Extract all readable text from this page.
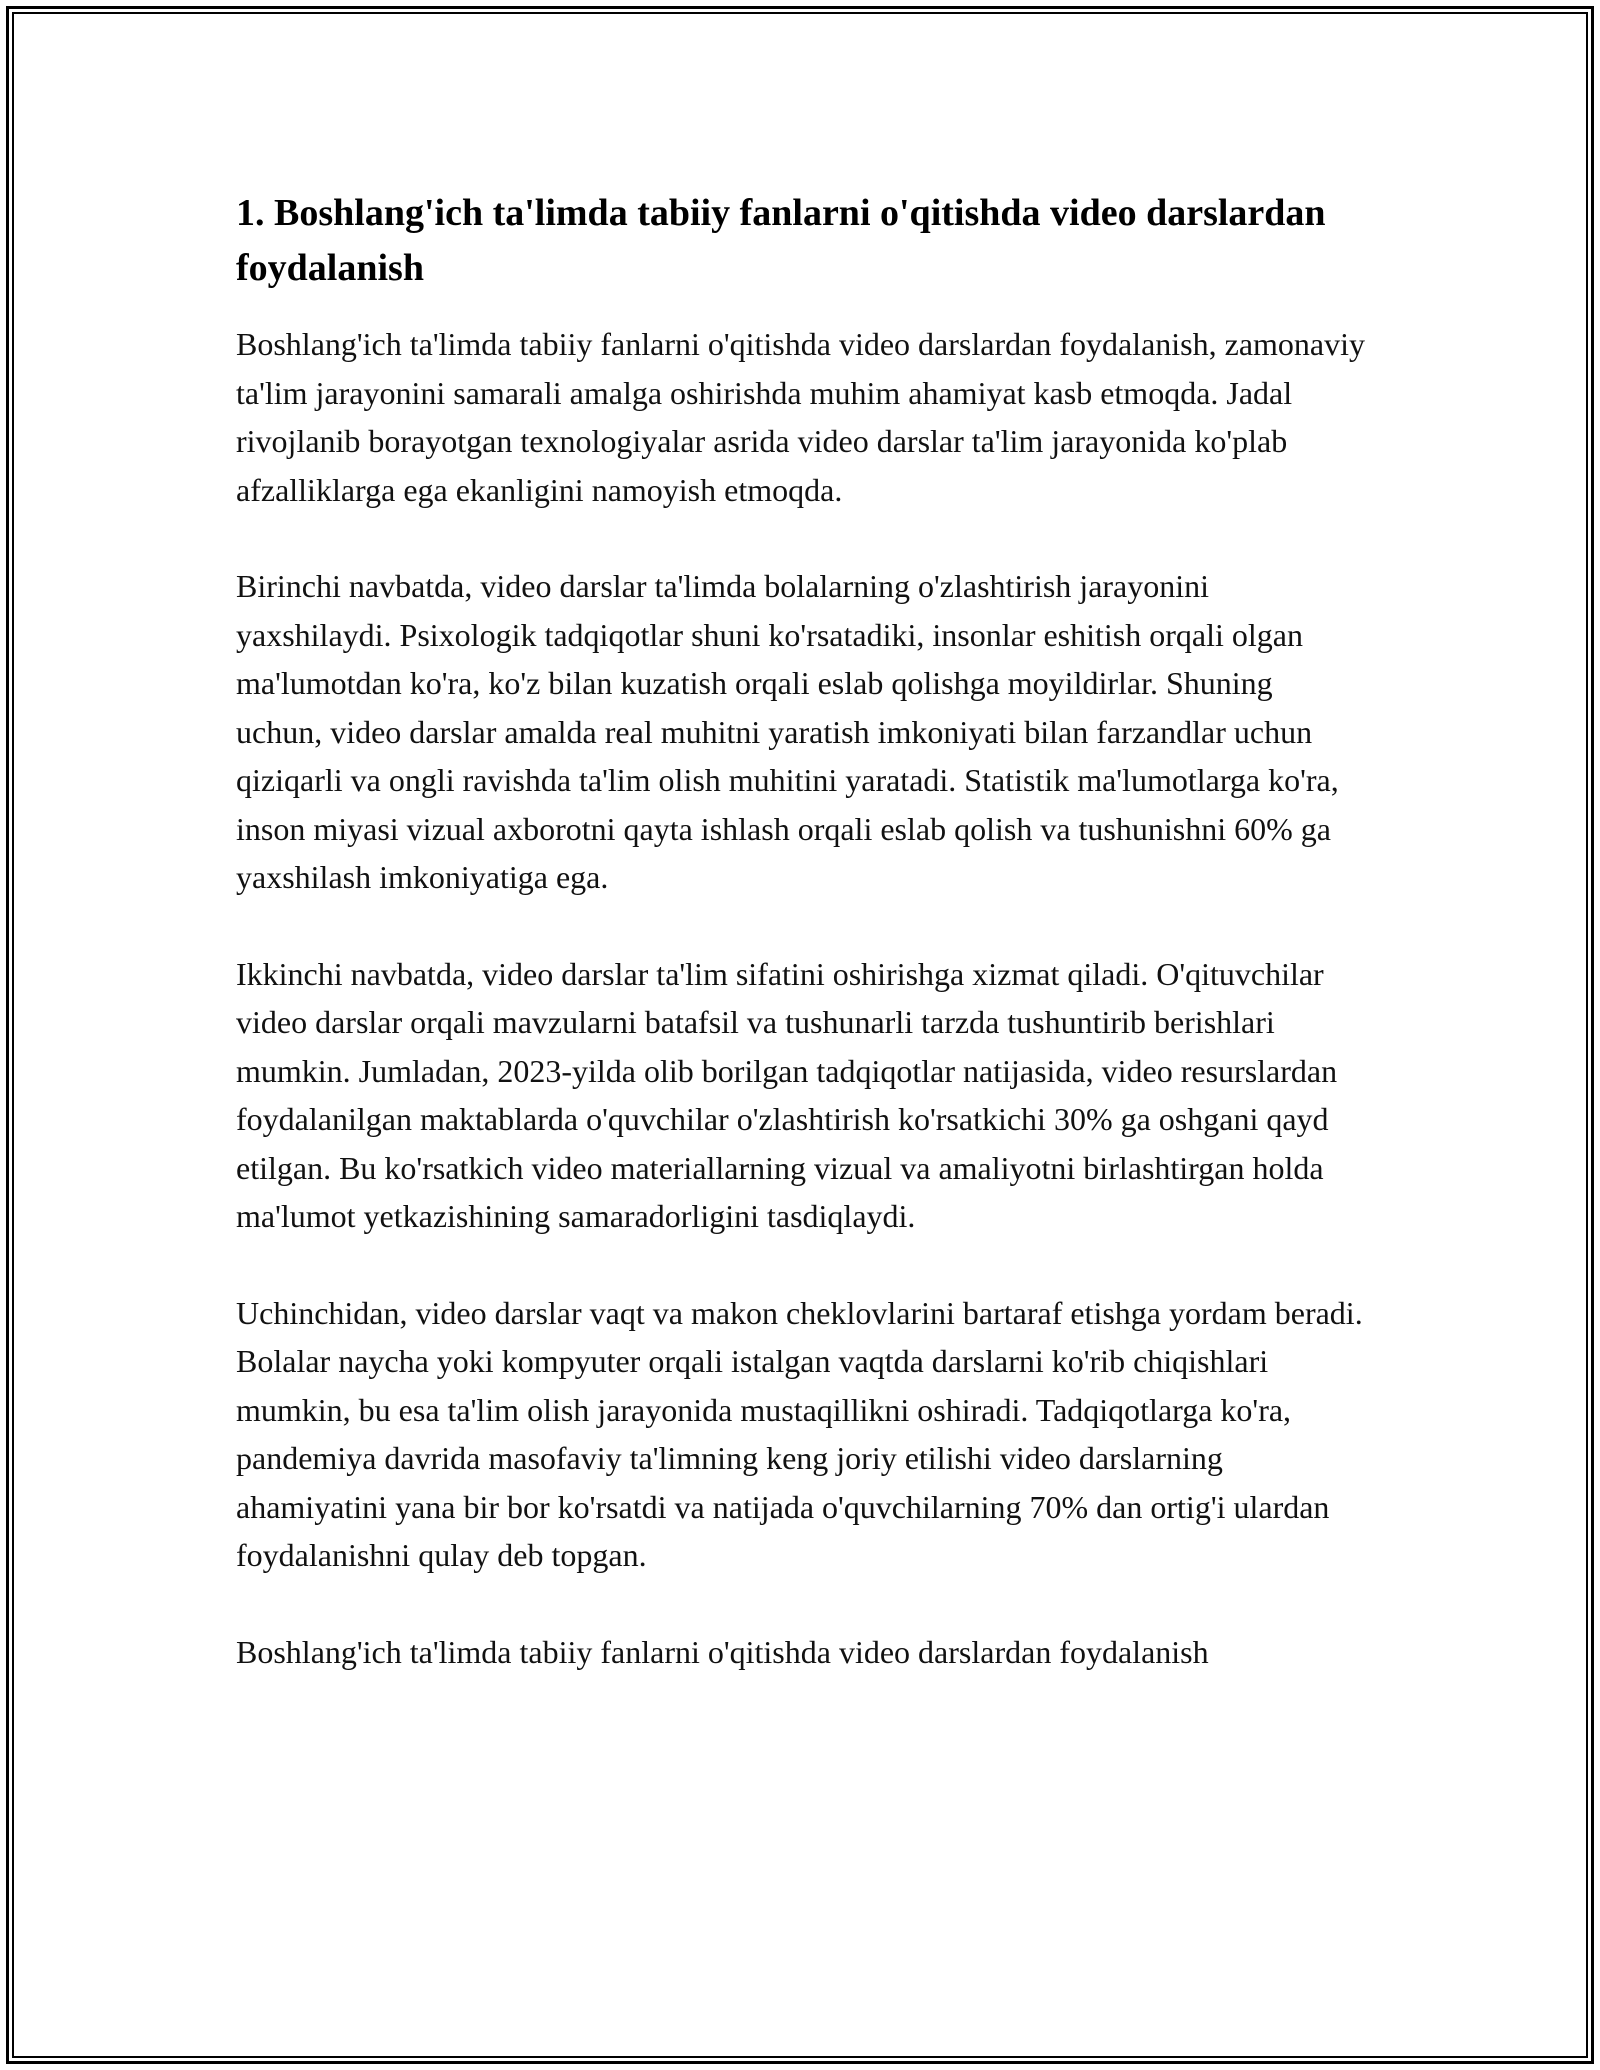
1. Boshlang'ich ta'limda tabiiy fanlarni o'qitishda video darslardan foydalanish

Boshlang'ich ta'limda tabiiy fanlarni o'qitishda video darslardan foydalanish, zamonaviy ta'lim jarayonini samarali amalga oshirishda muhim ahamiyat kasb etmoqda. Jadal rivojlanib borayotgan texnologiyalar asrida video darslar ta'lim jarayonida ko'plab afzalliklarga ega ekanligini namoyish etmoqda.

Birinchi navbatda, video darslar ta'limda bolalarning o'zlashtirish jarayonini yaxshilaydi. Psixologik tadqiqotlar shuni ko'rsatadiki, insonlar eshitish orqali olgan ma'lumotdan ko'ra, ko'z bilan kuzatish orqali eslab qolishga moyildirlar. Shuning uchun, video darslar amalda real muhitni yaratish imkoniyati bilan farzandlar uchun qiziqarli va ongli ravishda ta'lim olish muhitini yaratadi. Statistik ma'lumotlarga ko'ra, inson miyasi vizual axborotni qayta ishlash orqali eslab qolish va tushunishni 60% ga yaxshilash imkoniyatiga ega.

Ikkinchi navbatda, video darslar ta'lim sifatini oshirishga xizmat qiladi. O'qituvchilar video darslar orqali mavzularni batafsil va tushunarli tarzda tushuntirib berishlari mumkin. Jumladan, 2023-yilda olib borilgan tadqiqotlar natijasida, video resurslardan foydalanilgan maktablarda o'quvchilar o'zlashtirish ko'rsatkichi 30% ga oshgani qayd etilgan. Bu ko'rsatkich video materiallarning vizual va amaliyotni birlashtirgan holda ma'lumot yetkazishining samaradorligini tasdiqlaydi.

Uchinchidan, video darslar vaqt va makon cheklovlarini bartaraf etishga yordam beradi. Bolalar naycha yoki kompyuter orqali istalgan vaqtda darslarni ko'rib chiqishlari mumkin, bu esa ta'lim olish jarayonida mustaqillikni oshiradi. Tadqiqotlarga ko'ra, pandemiya davrida masofaviy ta'limning keng joriy etilishi video darslarning ahamiyatini yana bir bor ko'rsatdi va natijada o'quvchilarning 70% dan ortig'i ulardan foydalanishni qulay deb topgan.

Boshlang'ich ta'limda tabiiy fanlarni o'qitishda video darslardan foydalanish
